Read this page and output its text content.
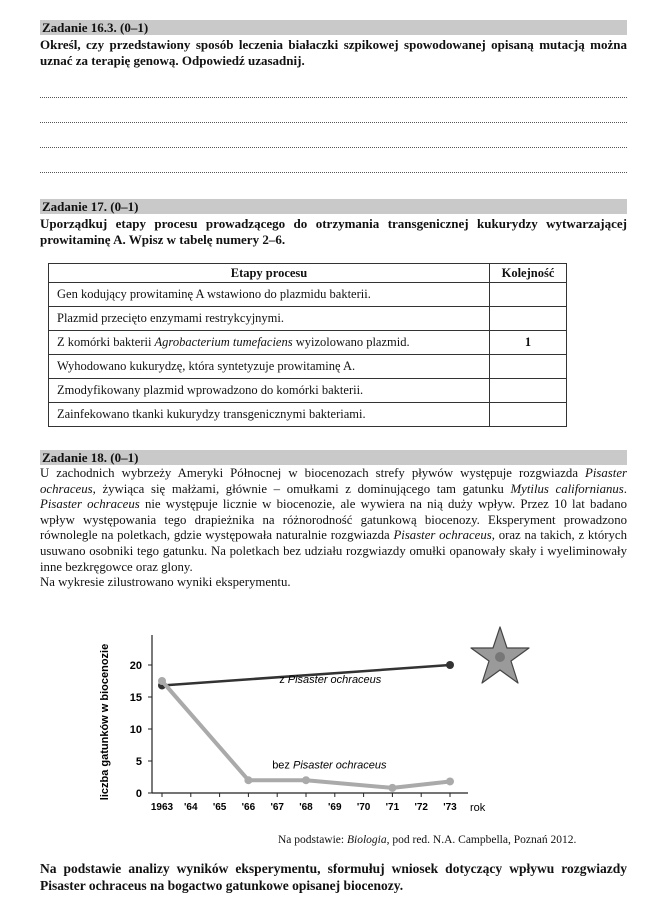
Zadanie 16.3. (0–1)
Określ, czy przedstawiony sposób leczenia białaczki szpikowej spowodowanej opisaną mutacją można uznać za terapię genową. Odpowiedź uzasadnij.
Zadanie 17. (0–1)
Uporządkuj etapy procesu prowadzącego do otrzymania transgenicznej kukurydzy wytwarzającej prowitaminę A. Wpisz w tabelę numery 2–6.
Etapy procesu	Kolejność
Gen kodujący prowitaminę A wstawiono do plazmidu bakterii.	
Plazmid przecięto enzymami restrykcyjnymi.	
Z komórki bakterii Agrobacterium tumefaciens wyizolowano plazmid.	1
Wyhodowano kukurydzę, która syntetyzuje prowitaminę A.	
Zmodyfikowany plazmid wprowadzono do komórki bakterii.	
Zainfekowano tkanki kukurydzy transgenicznymi bakteriami.	
Zadanie 18. (0–1)
U zachodnich wybrzeży Ameryki Północnej w biocenozach strefy pływów występuje rozgwiazda Pisaster ochraceus, żywiąca się małżami, głównie – omułkami z dominującego tam gatunku Mytilus californianus. Pisaster ochraceus nie występuje licznie w biocenozie, ale wywiera na nią duży wpływ. Przez 10 lat badano wpływ występowania tego drapieżnika na różnorodność gatunkową biocenozy. Eksperyment prowadzono równolegle na poletkach, gdzie występowała naturalnie rozgwiazda Pisaster ochraceus, oraz na takich, z których usuwano osobniki tego gatunku. Na poletkach bez udziału rozgwiazdy omułki opanowały skały i wyeliminowały inne bezkręgowce oraz glony.
Na wykresie zilustrowano wyniki eksperymentu.
0
5
10
15
20
1963 '64 '65 '66 '67 '68 '69 '70 '71 '72 '73 rok
liczba gatunków w biocenozie	z Pisaster ochraceus
bez Pisaster ochraceus
Na podstawie: Biologia, pod red. N.A. Campbella, Poznań 2012.
Na podstawie analizy wyników eksperymentu, sformułuj wniosek dotyczący wpływu rozgwiazdy Pisaster ochraceus na bogactwo gatunkowe opisanej biocenozy.
